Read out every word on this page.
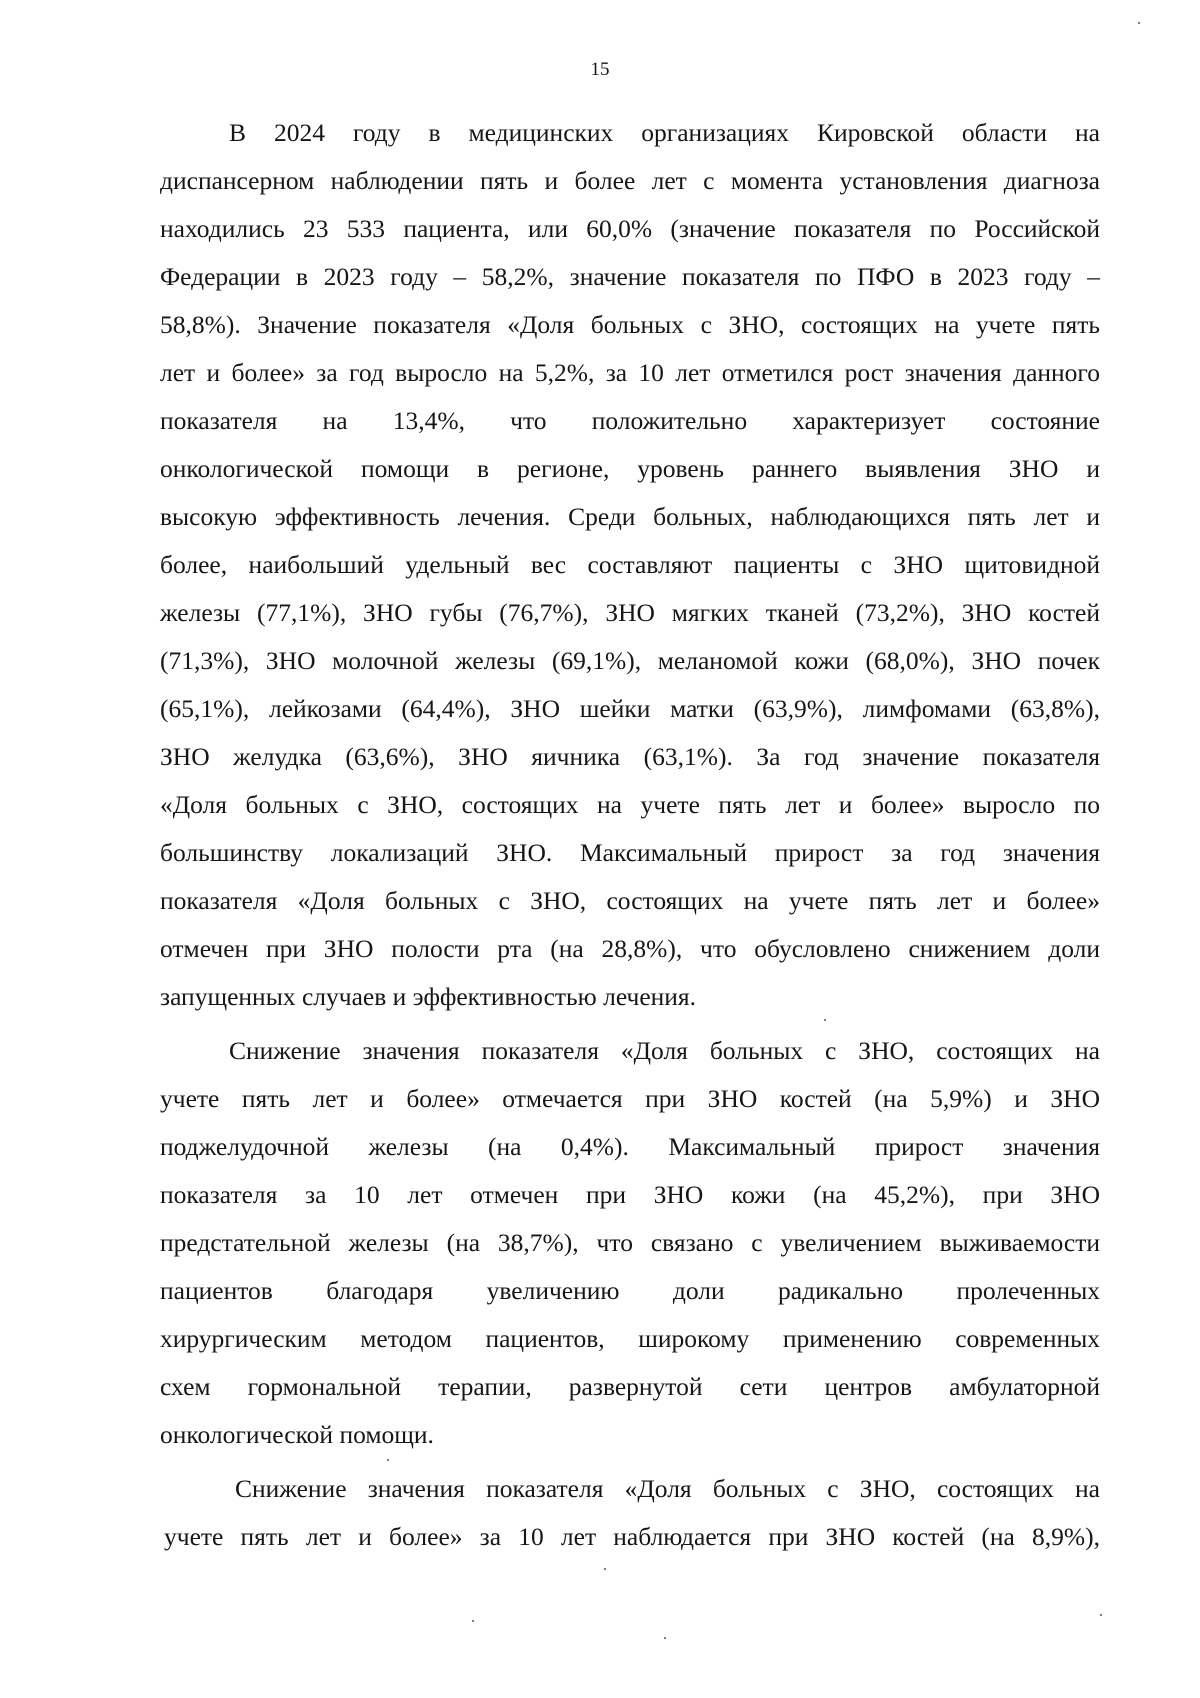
15
В 2024 году в медицинских организациях Кировской области на
диспансерном наблюдении пять и более лет с момента установления диагноза
находились 23 533 пациента, или 60,0% (значение показателя по Российской
Федерации в 2023 году – 58,2%, значение показателя по ПФО в 2023 году –
58,8%). Значение показателя «Доля больных с ЗНО, состоящих на учете пять
лет и более» за год выросло на 5,2%, за 10 лет отметился рост значения данного
показателя на 13,4%, что положительно характеризует состояние
онкологической помощи в регионе, уровень раннего выявления ЗНО и
высокую эффективность лечения. Среди больных, наблюдающихся пять лет и
более, наибольший удельный вес составляют пациенты с ЗНО щитовидной
железы (77,1%), ЗНО губы (76,7%), ЗНО мягких тканей (73,2%), ЗНО костей
(71,3%), ЗНО молочной железы (69,1%), меланомой кожи (68,0%), ЗНО почек
(65,1%), лейкозами (64,4%), ЗНО шейки матки (63,9%), лимфомами (63,8%),
ЗНО желудка (63,6%), ЗНО яичника (63,1%). За год значение показателя
«Доля больных с ЗНО, состоящих на учете пять лет и более» выросло по
большинству локализаций ЗНО. Максимальный прирост за год значения
показателя «Доля больных с ЗНО, состоящих на учете пять лет и более»
отмечен при ЗНО полости рта (на 28,8%), что обусловлено снижением доли
запущенных случаев и эффективностью лечения.
Снижение значения показателя «Доля больных с ЗНО, состоящих на
учете пять лет и более» отмечается при ЗНО костей (на 5,9%) и ЗНО
поджелудочной железы (на 0,4%). Максимальный прирост значения
показателя за 10 лет отмечен при ЗНО кожи (на 45,2%), при ЗНО
предстательной железы (на 38,7%), что связано с увеличением выживаемости
пациентов благодаря увеличению доли радикально пролеченных
хирургическим методом пациентов, широкому применению современных
схем гормональной терапии, развернутой сети центров амбулаторной
онкологической помощи.
Снижение значения показателя «Доля больных с ЗНО, состоящих на
учете пять лет и более» за 10 лет наблюдается при ЗНО костей (на 8,9%),
